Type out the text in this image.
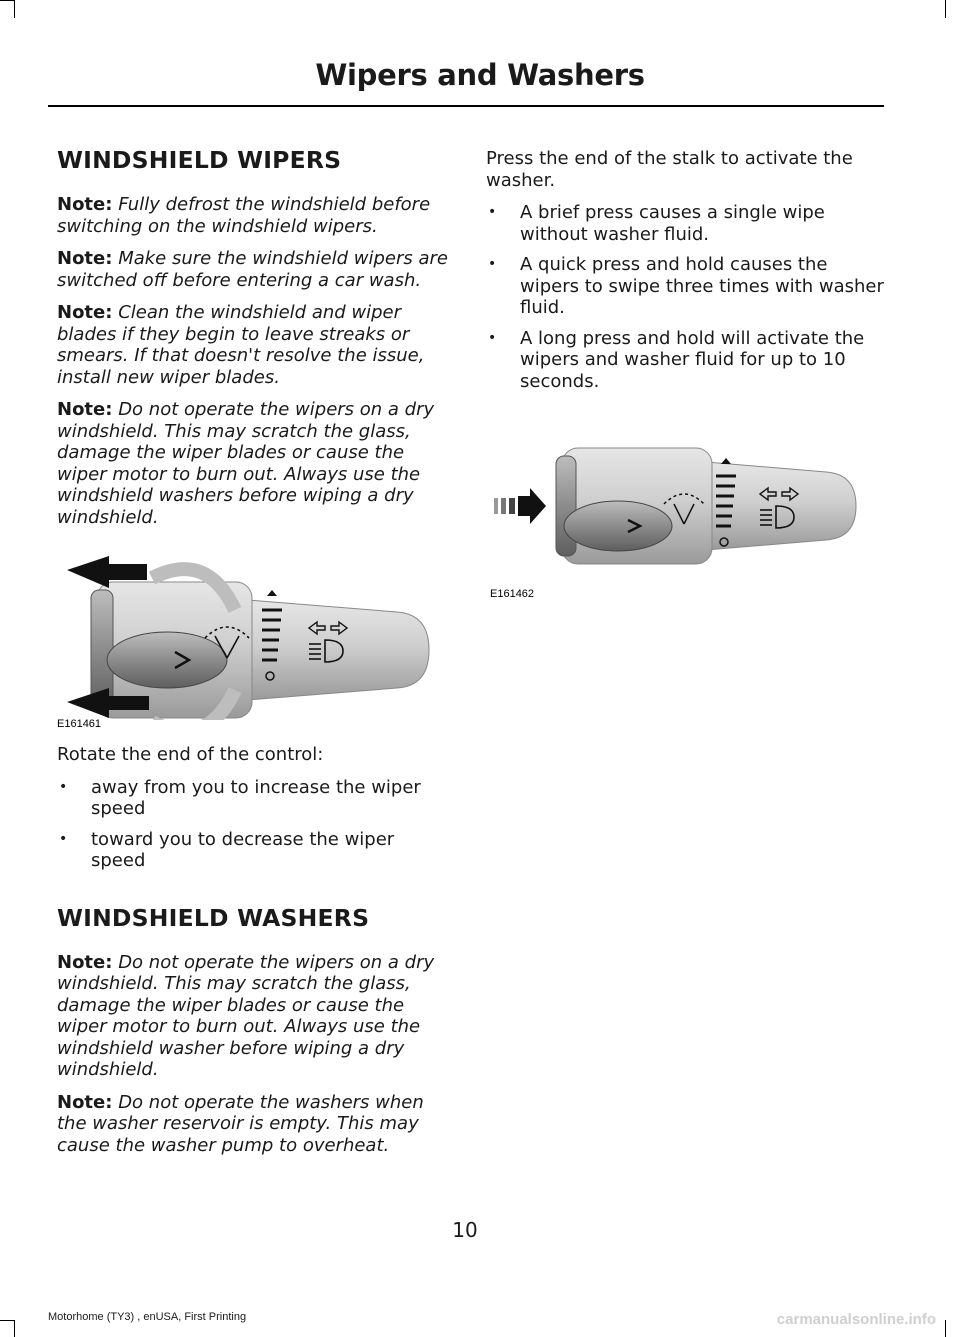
Wipers and Washers
WINDSHIELD WIPERS

Note: Fully defrost the windshield before switching on the windshield wipers.

Note: Make sure the windshield wipers are switched off before entering a car wash.

Note: Clean the windshield and wiper blades if they begin to leave streaks or smears. If that doesn't resolve the issue, install new wiper blades.

Note: Do not operate the wipers on a dry windshield. This may scratch the glass, damage the wiper blades or cause the wiper motor to burn out. Always use the windshield washers before wiping a dry windshield.

E161461

Rotate the end of the control:

• away from you to increase the wiper speed
• toward you to decrease the wiper speed
WINDSHIELD WASHERS

Note: Do not operate the wipers on a dry windshield. This may scratch the glass, damage the wiper blades or cause the wiper motor to burn out. Always use the windshield washer before wiping a dry windshield.

Note: Do not operate the washers when the washer reservoir is empty. This may cause the washer pump to overheat.

Press the end of the stalk to activate the washer.

• A brief press causes a single wipe without washer fluid.
• A quick press and hold causes the wipers to swipe three times with washer fluid.
• A long press and hold will activate the wipers and washer fluid for up to 10 seconds.
E161462
10
Motorhome (TY3) , enUSA, First Printing	carmanualsonline.info
